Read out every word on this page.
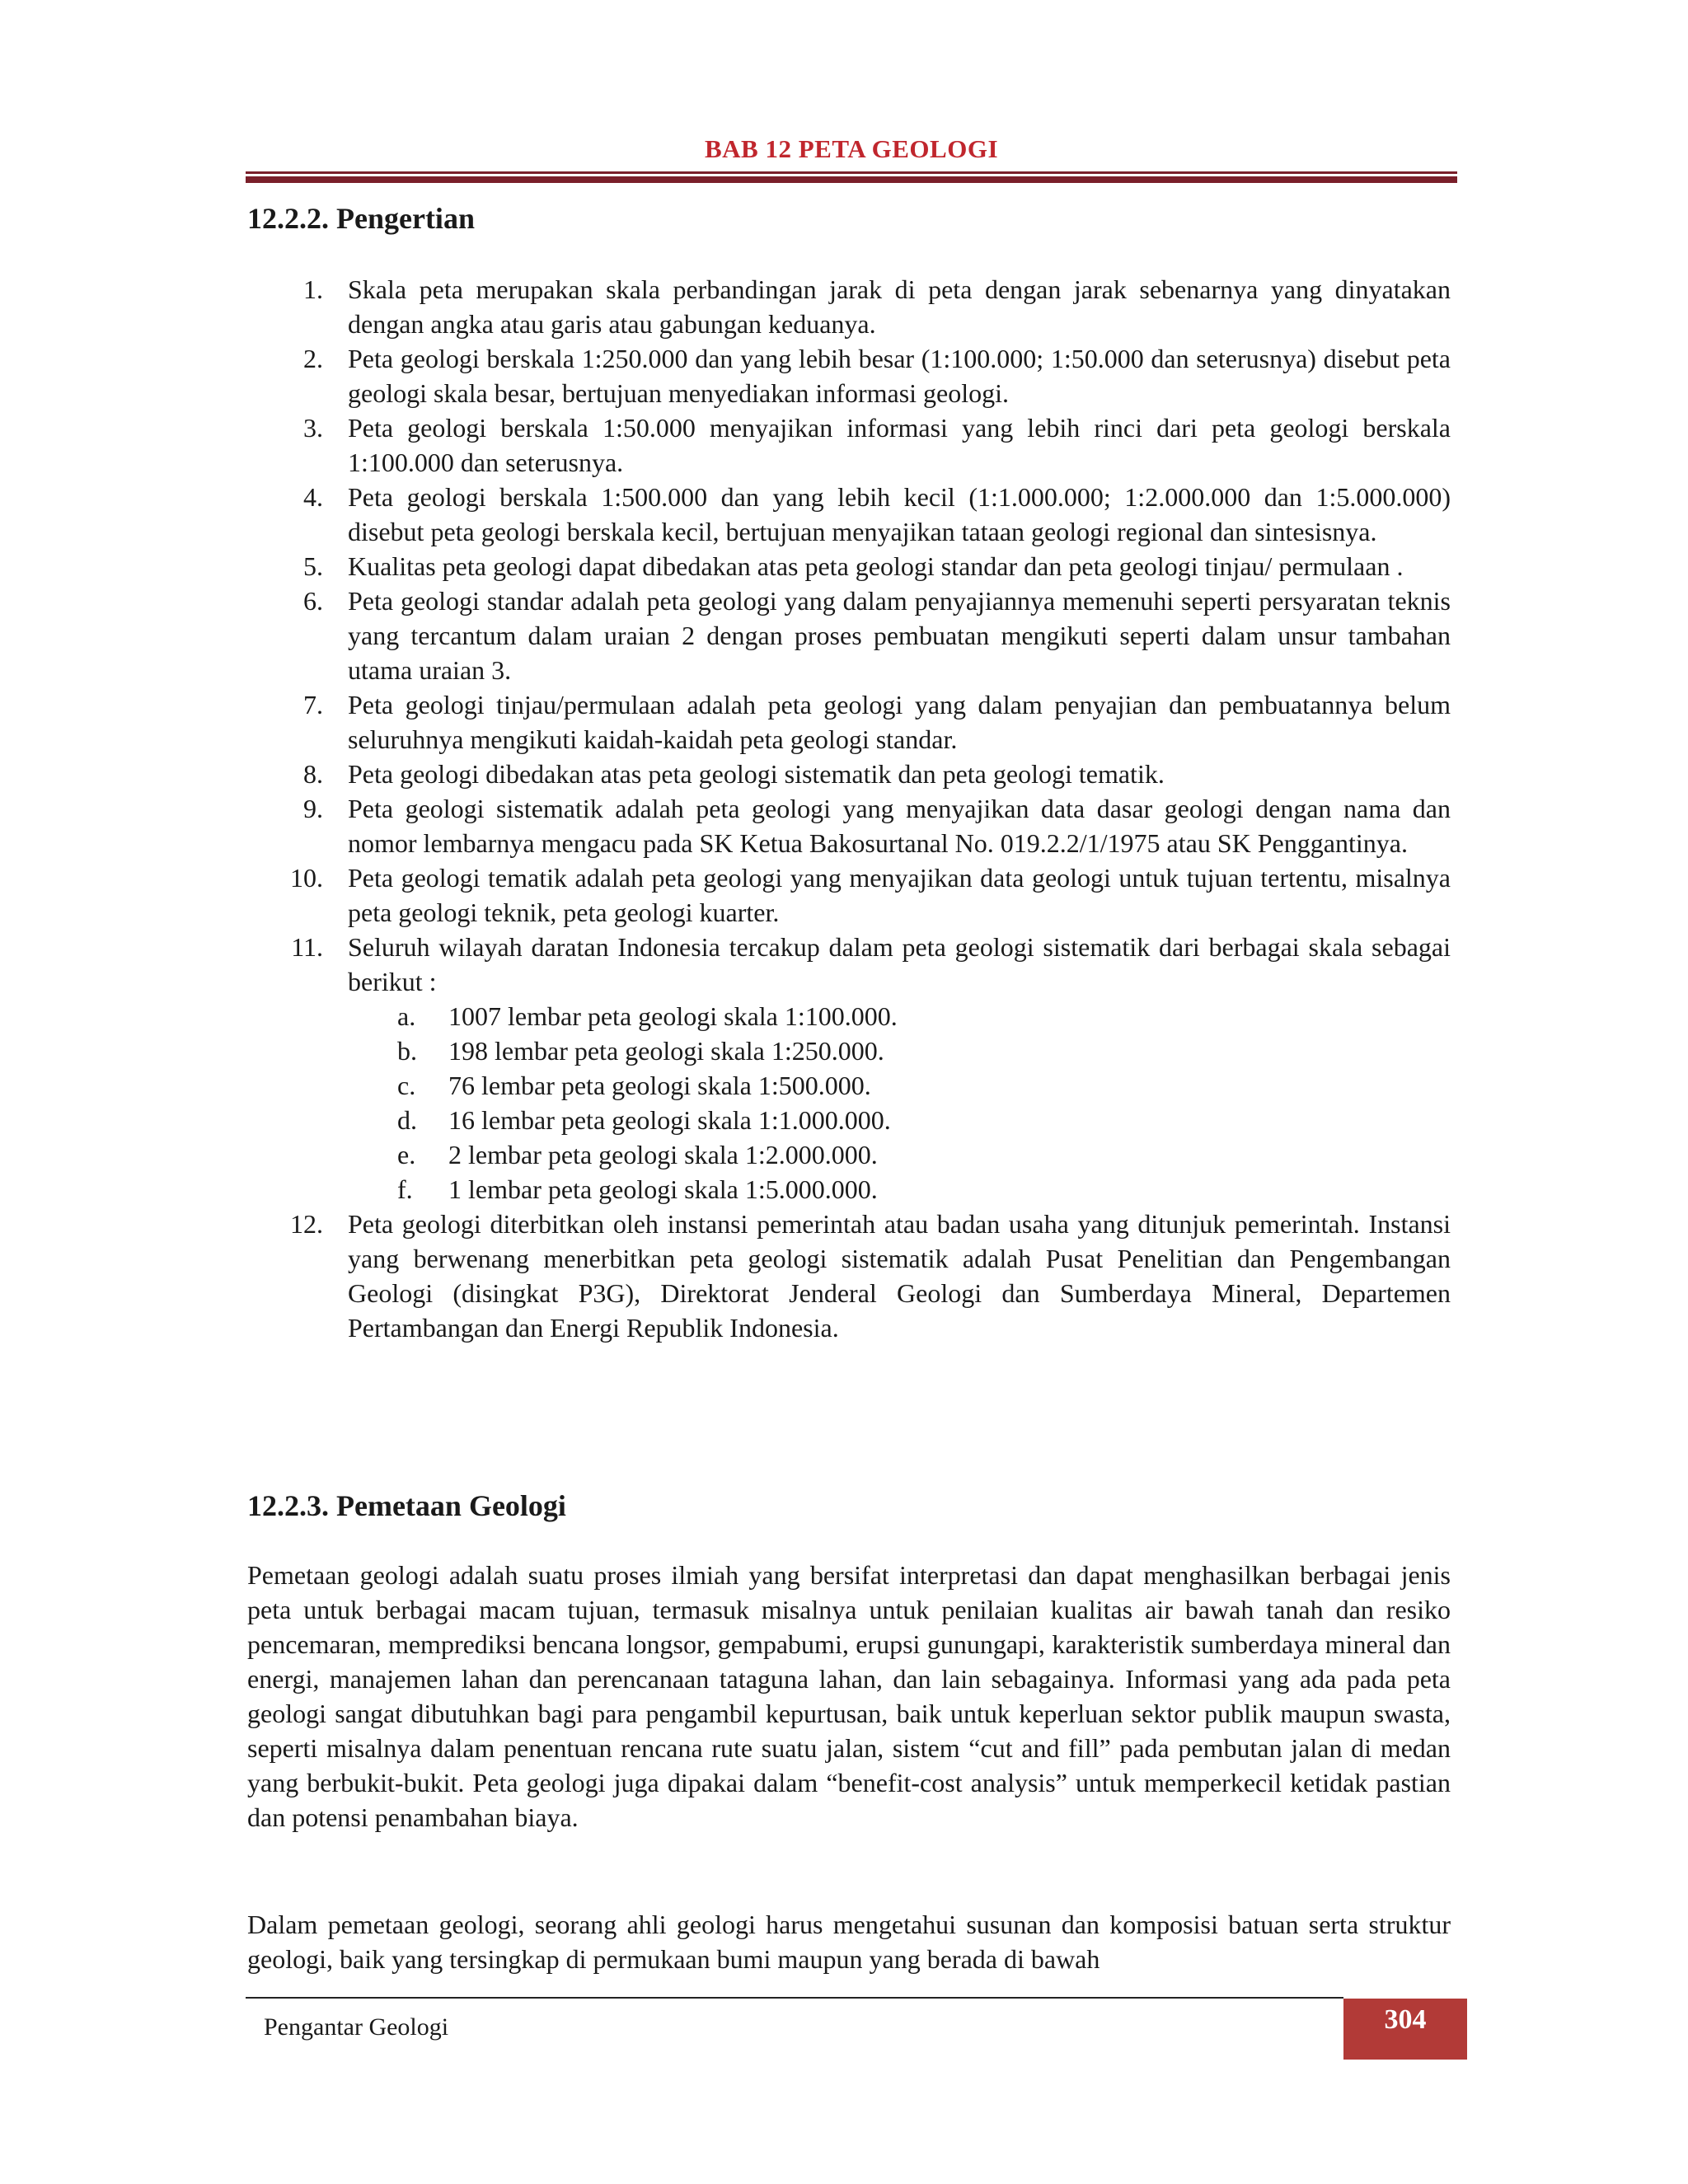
BAB 12 PETA GEOLOGI
12.2.2. Pengertian
1. Skala peta merupakan skala perbandingan jarak di peta dengan jarak sebenarnya yang dinyatakan dengan angka atau garis atau gabungan keduanya.
2. Peta geologi berskala 1:250.000 dan yang lebih besar (1:100.000; 1:50.000 dan seterusnya) disebut peta geologi skala besar, bertujuan menyediakan informasi geologi.
3. Peta geologi berskala 1:50.000 menyajikan informasi yang lebih rinci dari peta geologi berskala 1:100.000 dan seterusnya.
4. Peta geologi berskala 1:500.000 dan yang lebih kecil (1:1.000.000; 1:2.000.000 dan 1:5.000.000) disebut peta geologi berskala kecil, bertujuan menyajikan tataan geologi regional dan sintesisnya.
5. Kualitas peta geologi dapat dibedakan atas peta geologi standar dan peta geologi tinjau/ permulaan .
6. Peta geologi standar adalah peta geologi yang dalam penyajiannya memenuhi seperti persyaratan teknis yang tercantum dalam uraian 2 dengan proses pembuatan mengikuti seperti dalam unsur tambahan utama uraian 3.
7. Peta geologi tinjau/permulaan adalah peta geologi yang dalam penyajian dan pembuatannya belum seluruhnya mengikuti kaidah-kaidah peta geologi standar.
8. Peta geologi dibedakan atas peta geologi sistematik dan peta geologi tematik.
9. Peta geologi sistematik adalah peta geologi yang menyajikan data dasar geologi dengan nama dan nomor lembarnya mengacu pada SK Ketua Bakosurtanal No. 019.2.2/1/1975 atau SK Penggantinya.
10. Peta geologi tematik adalah peta geologi yang menyajikan data geologi untuk tujuan tertentu, misalnya peta geologi teknik, peta geologi kuarter.
11. Seluruh wilayah daratan Indonesia tercakup dalam peta geologi sistematik dari berbagai skala sebagai berikut :
a. 1007 lembar peta geologi skala 1:100.000.
b. 198 lembar peta geologi skala 1:250.000.
c. 76 lembar peta geologi skala 1:500.000.
d. 16 lembar peta geologi skala 1:1.000.000.
e. 2 lembar peta geologi skala 1:2.000.000.
f. 1 lembar peta geologi skala 1:5.000.000.
12. Peta geologi diterbitkan oleh instansi pemerintah atau badan usaha yang ditunjuk pemerintah. Instansi yang berwenang menerbitkan peta geologi sistematik adalah Pusat Penelitian dan Pengembangan Geologi (disingkat P3G), Direktorat Jenderal Geologi dan Sumberdaya Mineral, Departemen Pertambangan dan Energi Republik Indonesia.
12.2.3. Pemetaan Geologi

Pemetaan geologi adalah suatu proses ilmiah yang bersifat interpretasi dan dapat menghasilkan berbagai jenis peta untuk berbagai macam tujuan, termasuk misalnya untuk penilaian kualitas air bawah tanah dan resiko pencemaran, memprediksi bencana longsor, gempabumi, erupsi gunungapi, karakteristik sumberdaya mineral dan energi, manajemen lahan dan perencanaan tataguna lahan, dan lain sebagainya. Informasi yang ada pada peta geologi sangat dibutuhkan bagi para pengambil kepurtusan, baik untuk keperluan sektor publik maupun swasta, seperti misalnya dalam penentuan rencana rute suatu jalan, sistem “cut and fill” pada pembutan jalan di medan yang berbukit-bukit. Peta geologi juga dipakai dalam “benefit-cost analysis” untuk memperkecil ketidak pastian dan potensi penambahan biaya.

Dalam pemetaan geologi, seorang ahli geologi harus mengetahui susunan dan komposisi batuan serta struktur geologi, baik yang tersingkap di permukaan bumi maupun yang berada di bawah

Pengantar Geologi	304
